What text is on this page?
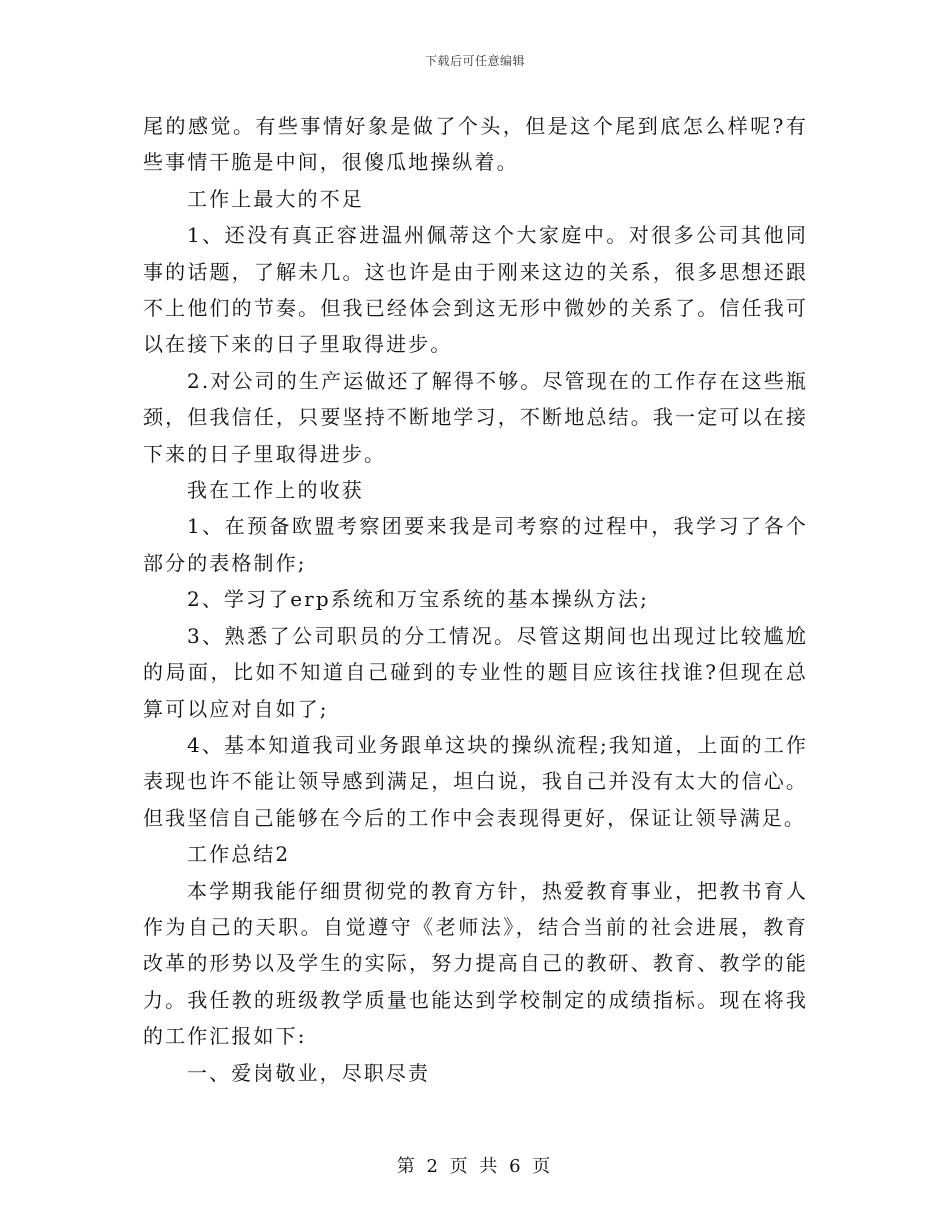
下载后可任意编辑

尾的感觉。有些事情好象是做了个头，但是这个尾到底怎么样呢?有些事情干脆是中间，很傻瓜地操纵着。

工作上最大的不足

1、还没有真正容进温州佩蒂这个大家庭中。对很多公司其他同事的话题，了解未几。这也许是由于刚来这边的关系，很多思想还跟不上他们的节奏。但我已经体会到这无形中微妙的关系了。信任我可以在接下来的日子里取得进步。

2.对公司的生产运做还了解得不够。尽管现在的工作存在这些瓶颈，但我信任，只要坚持不断地学习，不断地总结。我一定可以在接下来的日子里取得进步。

我在工作上的收获

1、在预备欧盟考察团要来我是司考察的过程中，我学习了各个部分的表格制作;

2、学习了erp系统和万宝系统的基本操纵方法;

3、熟悉了公司职员的分工情况。尽管这期间也出现过比较尴尬的局面，比如不知道自己碰到的专业性的题目应该往找谁?但现在总算可以应对自如了;

4、基本知道我司业务跟单这块的操纵流程;我知道，上面的工作表现也许不能让领导感到满足，坦白说，我自己并没有太大的信心。但我坚信自己能够在今后的工作中会表现得更好，保证让领导满足。

工作总结2

本学期我能仔细贯彻党的教育方针，热爱教育事业，把教书育人作为自己的天职。自觉遵守《老师法》，结合当前的社会进展，教育改革的形势以及学生的实际，努力提高自己的教研、教育、教学的能力。我任教的班级教学质量也能达到学校制定的成绩指标。现在将我的工作汇报如下:

一、爱岗敬业，尽职尽责

第 2 页 共 6 页
